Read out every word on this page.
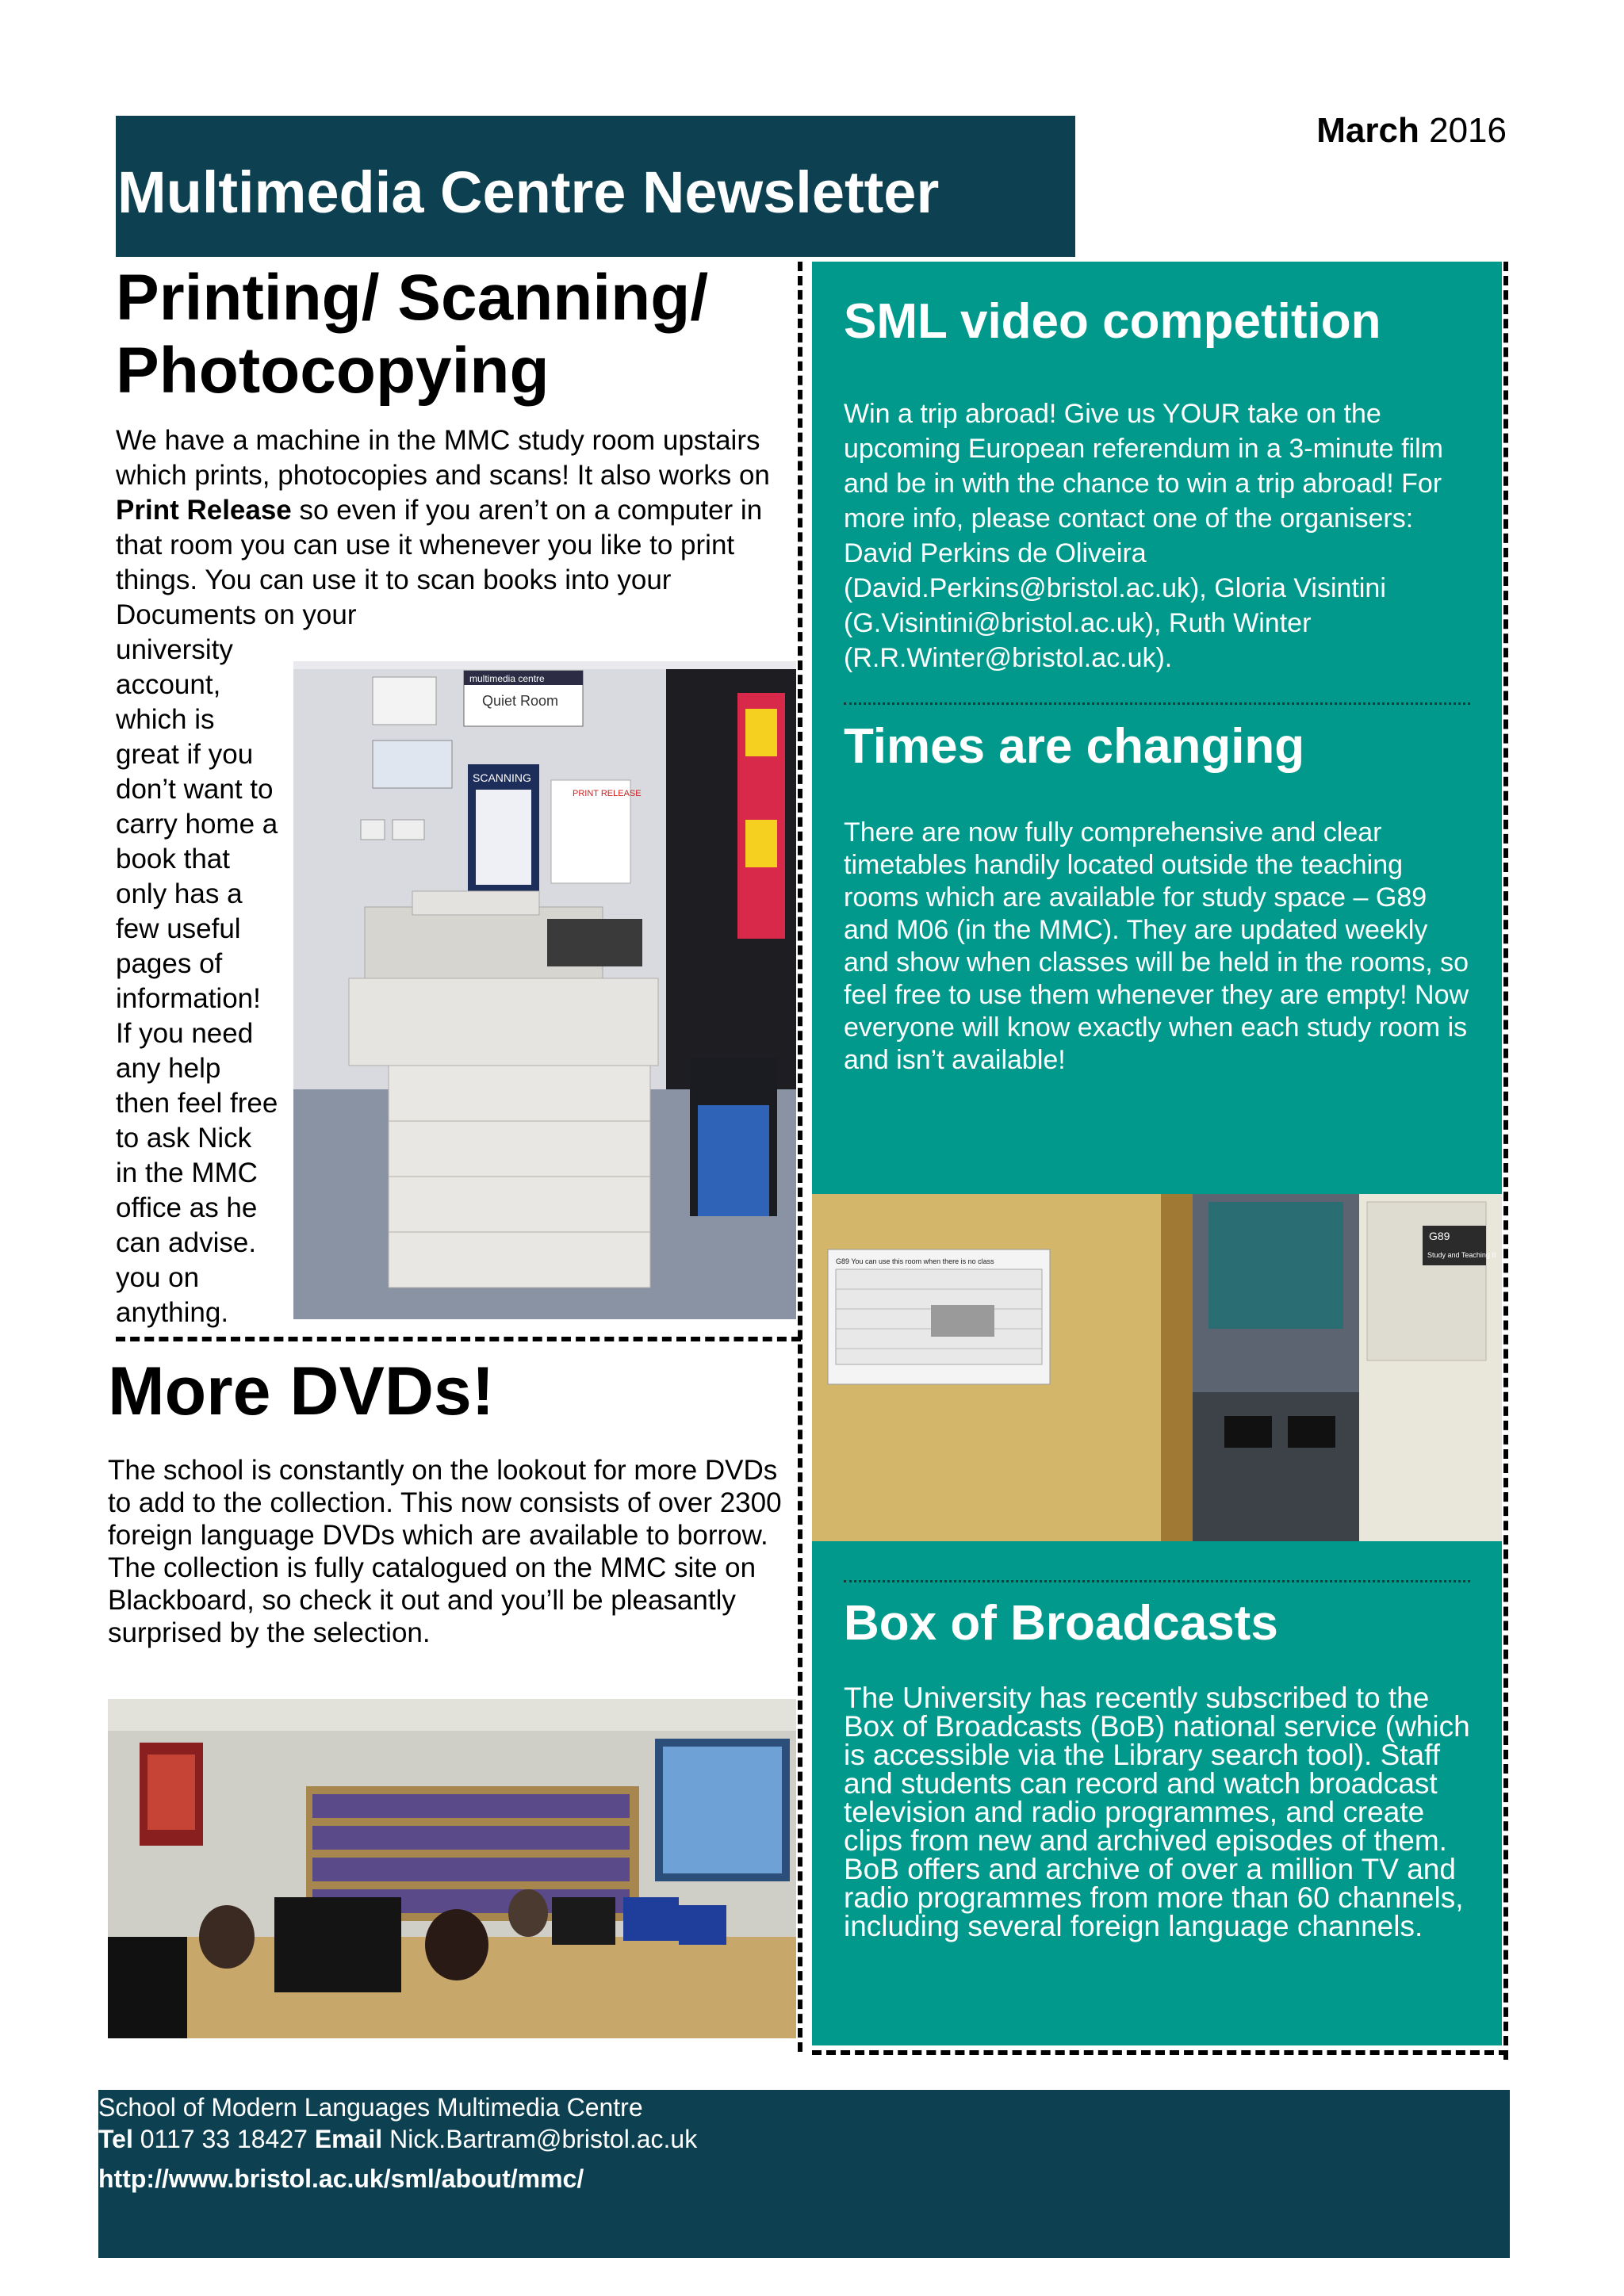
March 2016
Multimedia Centre Newsletter
Printing/ Scanning/
Photocopying
We have a machine in the MMC study room upstairs which prints, photocopies and scans! It also works on Print Release so even if you aren’t on a computer in that room you can use it whenever you like to print things. You can use it to scan books into your Documents on your
university
account,
which is
great if you
don’t want to
carry home a
book that
only has a
few useful
pages of
information!
If you need
any help
then feel free
to ask Nick
in the MMC
office as he
can advise.
you on
anything.
multimedia centre
Quiet Room
SCANNING
PRINT RELEASE
More DVDs!
The school is constantly on the lookout for more DVDs to add to the collection. This now consists of over 2300 foreign language DVDs which are available to borrow. The collection is fully catalogued on the MMC site on Blackboard, so check it out and you’ll be pleasantly surprised by the selection.
SML video competition
Win a trip abroad! Give us YOUR take on the upcoming European referendum in a 3-minute film and be in with the chance to win a trip abroad! For more info, please contact one of the organisers: David Perkins de Oliveira (David.Perkins@bristol.ac.uk), Gloria Visintini (G.Visintini@bristol.ac.uk), Ruth Winter (R.R.Winter@bristol.ac.uk).
Times are changing
There are now fully comprehensive and clear timetables handily located outside the teaching rooms which are available for study space – G89 and M06 (in the MMC). They are updated weekly and show when classes will be held in the rooms, so feel free to use them whenever they are empty! Now everyone will know exactly when each study room is and isn’t available!
G89
Study and Teaching II
G89 You can use this room when there is no class
Box of Broadcasts
The University has recently subscribed to the Box of Broadcasts (BoB) national service (which is accessible via the Library search tool). Staff and students can record and watch broadcast television and radio programmes, and create clips from new and archived episodes of them. BoB offers and archive of over a million TV and radio programmes from more than 60 channels, including several foreign language channels.
School of Modern Languages Multimedia Centre
Tel 0117 33 18427 Email Nick.Bartram@bristol.ac.uk
http://www.bristol.ac.uk/sml/about/mmc/
